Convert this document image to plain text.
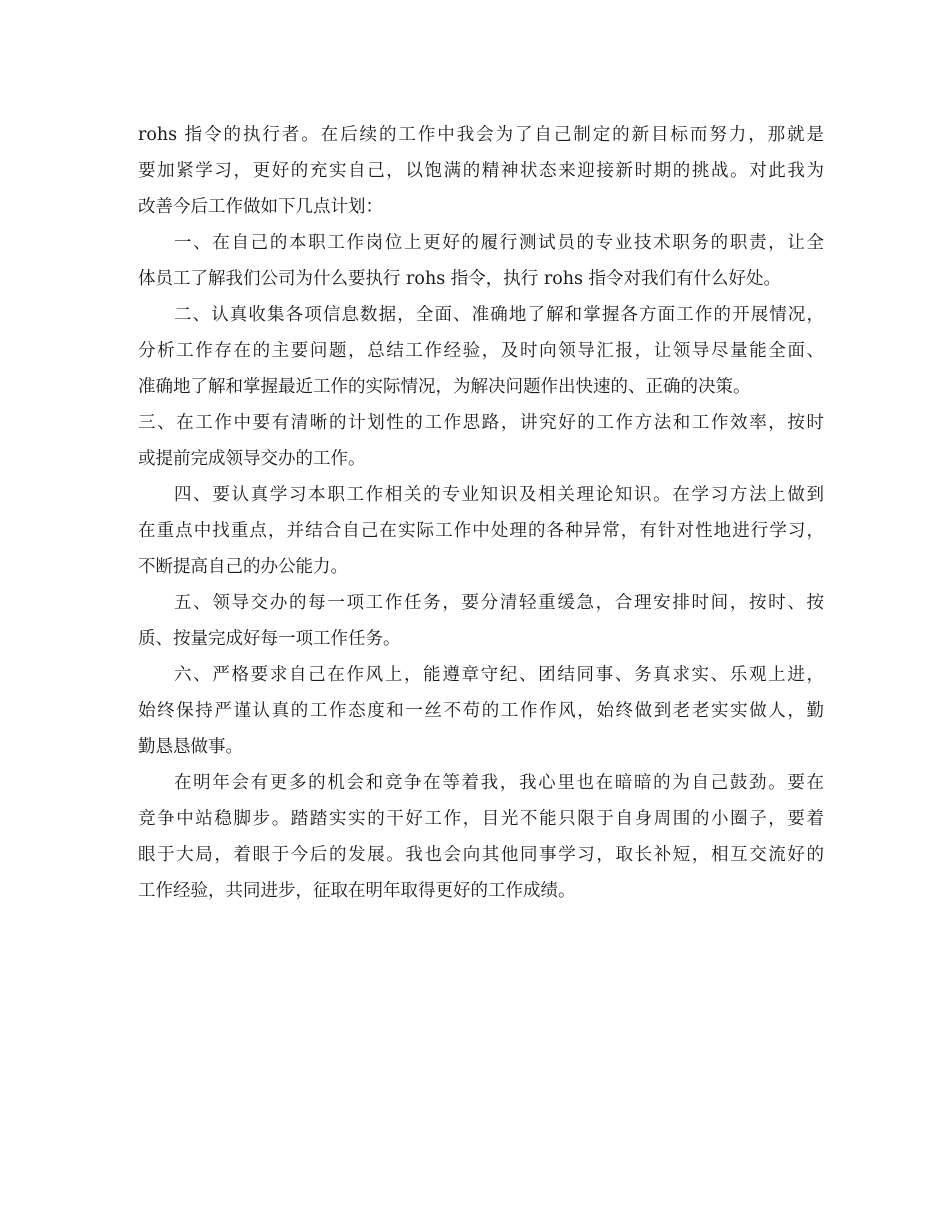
rohs 指令的执行者。在后续的工作中我会为了自己制定的新目标而努力，那就是
要加紧学习，更好的充实自己，以饱满的精神状态来迎接新时期的挑战。对此我为
改善今后工作做如下几点计划：
一、在自己的本职工作岗位上更好的履行测试员的专业技术职务的职责，让全
体员工了解我们公司为什么要执行 rohs 指令，执行 rohs 指令对我们有什么好处。
二、认真收集各项信息数据，全面、准确地了解和掌握各方面工作的开展情况，
分析工作存在的主要问题，总结工作经验，及时向领导汇报，让领导尽量能全面、
准确地了解和掌握最近工作的实际情况，为解决问题作出快速的、正确的决策。
三、在工作中要有清晰的计划性的工作思路，讲究好的工作方法和工作效率，按时
或提前完成领导交办的工作。
四、要认真学习本职工作相关的专业知识及相关理论知识。在学习方法上做到
在重点中找重点，并结合自己在实际工作中处理的各种异常，有针对性地进行学习，
不断提高自己的办公能力。
五、领导交办的每一项工作任务，要分清轻重缓急，合理安排时间，按时、按
质、按量完成好每一项工作任务。
六、严格要求自己在作风上，能遵章守纪、团结同事、务真求实、乐观上进，
始终保持严谨认真的工作态度和一丝不苟的工作作风，始终做到老老实实做人，勤
勤恳恳做事。
在明年会有更多的机会和竞争在等着我，我心里也在暗暗的为自己鼓劲。要在
竞争中站稳脚步。踏踏实实的干好工作，目光不能只限于自身周围的小圈子，要着
眼于大局，着眼于今后的发展。我也会向其他同事学习，取长补短，相互交流好的
工作经验，共同进步，征取在明年取得更好的工作成绩。
